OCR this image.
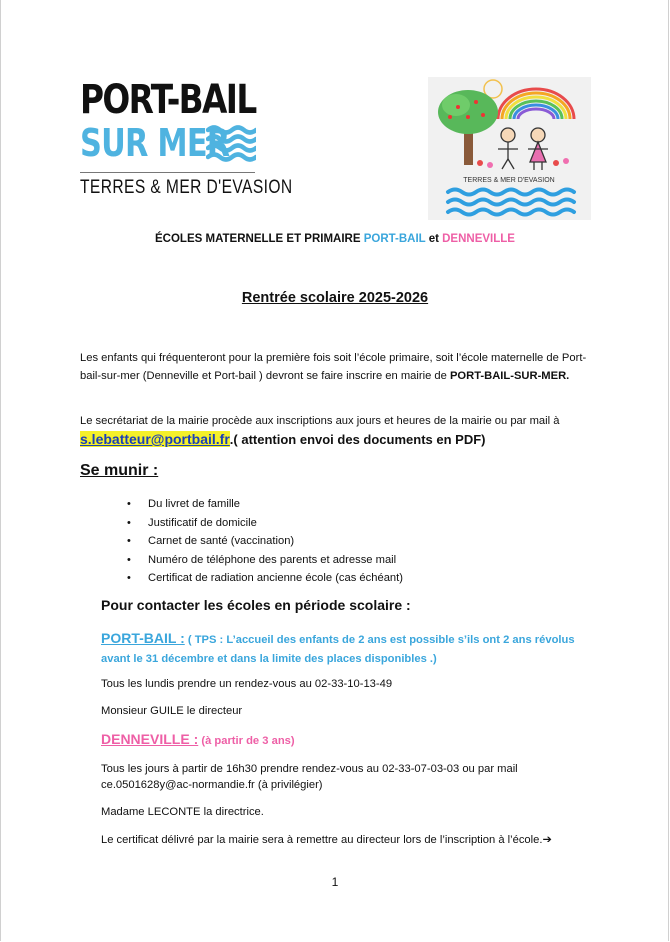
PORT-BAIL
SUR MER
TERRES & MER D'EVASION	TERRES & MER D'EVASION
ÉCOLES MATERNELLE ET PRIMAIRE PORT-BAIL et DENNEVILLE
Rentrée scolaire 2025-2026
Les enfants qui fréquenteront pour la première fois soit l’école primaire, soit l’école maternelle de Port-bail-sur-mer (Denneville et Port-bail ) devront se faire inscrire en mairie de PORT-BAIL-SUR-MER.
Le secrétariat de la mairie procède aux inscriptions aux jours et heures de la mairie ou par mail à s.lebatteur@portbail.fr.( attention envoi des documents en PDF)
Se munir :
• Du livret de famille
• Justificatif de domicile
• Carnet de santé (vaccination)
• Numéro de téléphone des parents et adresse mail
• Certificat de radiation ancienne école (cas échéant)
Pour contacter les écoles en période scolaire :
PORT-BAIL : ( TPS : L’accueil des enfants de 2 ans est possible s’ils ont 2 ans révolus avant le 31 décembre et dans la limite des places disponibles .)
Tous les lundis prendre un rendez-vous au 02-33-10-13-49
Monsieur GUILE le directeur
DENNEVILLE : (à partir de 3 ans)
Tous les jours à partir de 16h30 prendre rendez-vous au 02-33-07-03-03 ou par mail
ce.0501628y@ac-normandie.fr (à privilégier)
Madame LECONTE la directrice.
Le certificat délivré par la mairie sera à remettre au directeur lors de l’inscription à l’école.➔
1
